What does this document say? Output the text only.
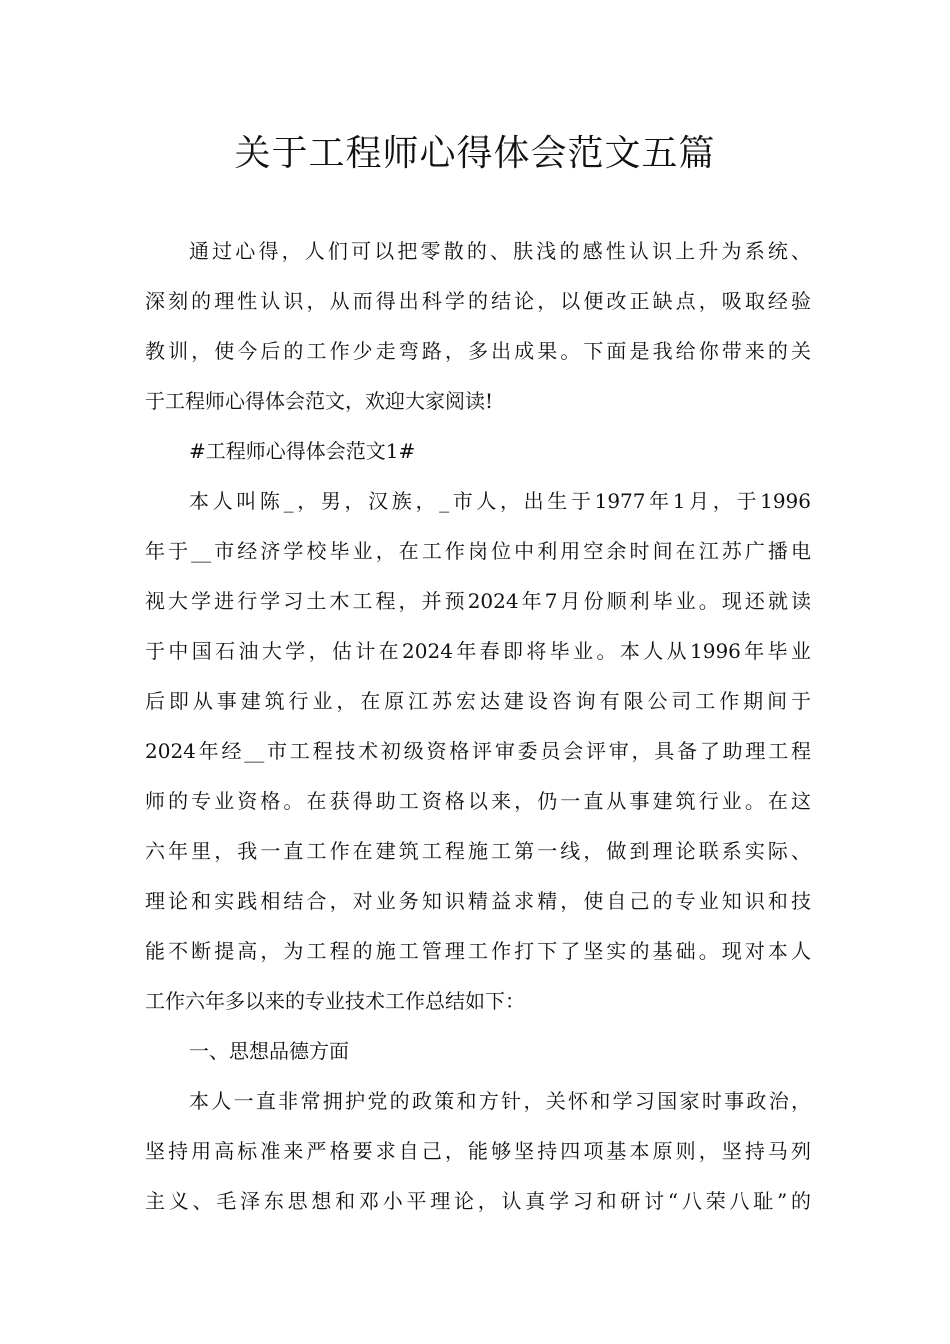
关于工程师心得体会范文五篇
通过心得，人们可以把零散的、肤浅的感性认识上升为系统、
深刻的理性认识，从而得出科学的结论，以便改正缺点，吸取经验
教训，使今后的工作少走弯路，多出成果。下面是我给你带来的关
于工程师心得体会范文，欢迎大家阅读!
#工程师心得体会范文1#
本人叫陈_，男，汉族，_市人，出生于1977年1月，于1996
年于__市经济学校毕业，在工作岗位中利用空余时间在江苏广播电
视大学进行学习土木工程，并预2024年7月份顺利毕业。现还就读
于中国石油大学，估计在2024年春即将毕业。本人从1996年毕业
后即从事建筑行业，在原江苏宏达建设咨询有限公司工作期间于
2024年经__市工程技术初级资格评审委员会评审，具备了助理工程
师的专业资格。在获得助工资格以来，仍一直从事建筑行业。在这
六年里，我一直工作在建筑工程施工第一线，做到理论联系实际、
理论和实践相结合，对业务知识精益求精，使自己的专业知识和技
能不断提高，为工程的施工管理工作打下了坚实的基础。现对本人
工作六年多以来的专业技术工作总结如下：
一、思想品德方面
本人一直非常拥护党的政策和方针，关怀和学习国家时事政治，
坚持用高标准来严格要求自己，能够坚持四项基本原则，坚持马列
主义、毛泽东思想和邓小平理论，认真学习和研讨“八荣八耻”的
